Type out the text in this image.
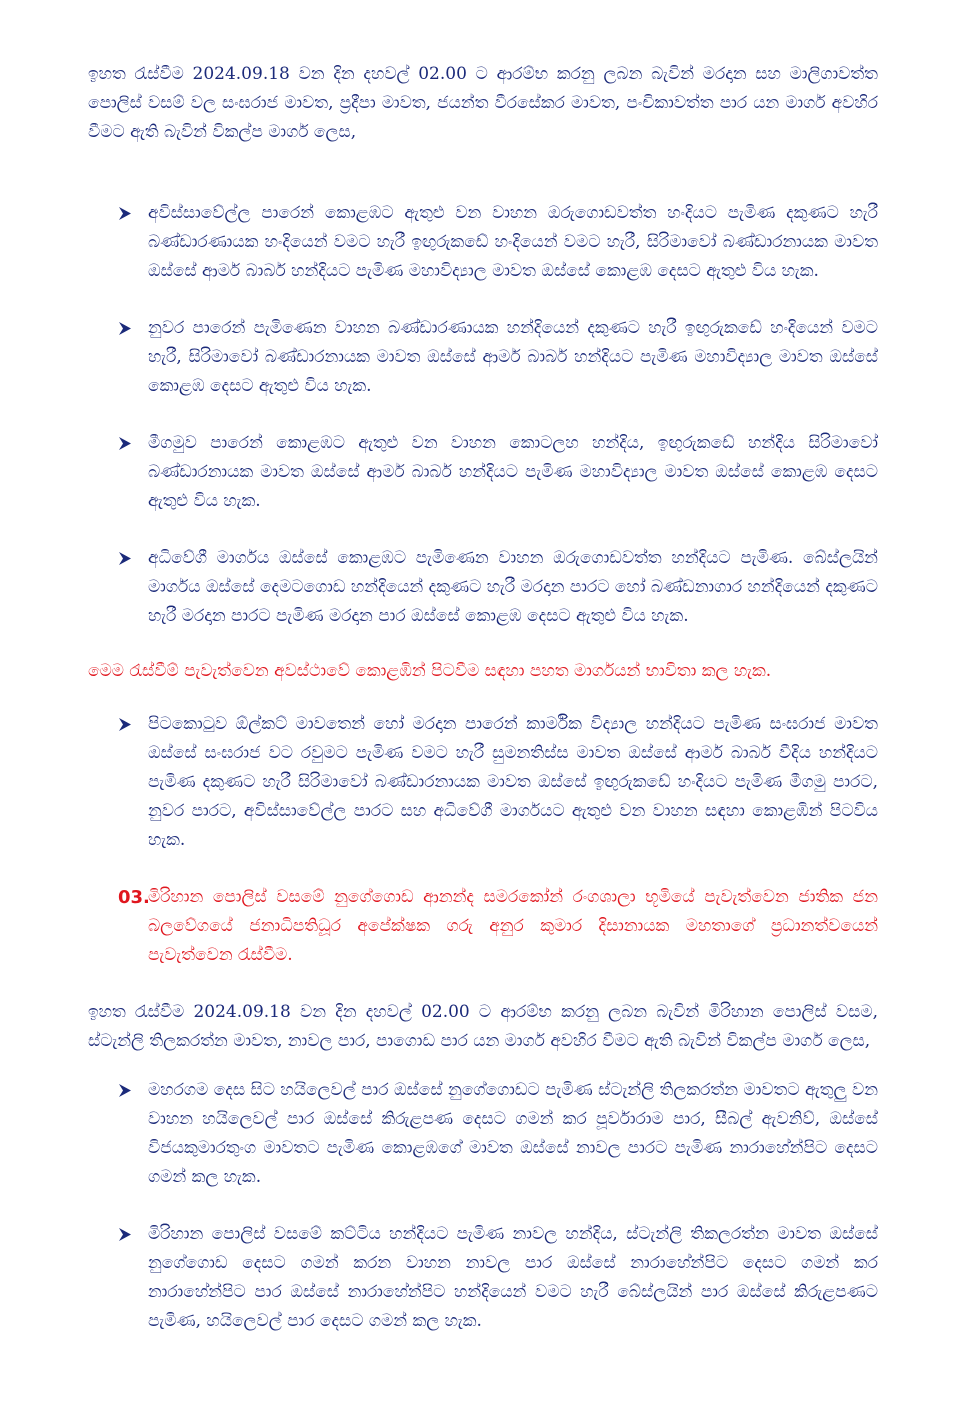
ඉහත රැස්වීම 2024.09.18 වන දින දහවල් 02.00 ට ආරම්භ කරනු ලබන බැවින් මරදාන සහ මාලිගාවත්ත පොලිස් වසම් වල සංඝරාජ මාවත, ප්‍රදීපා මාවත, ජයන්ත වීරසේකර මාවත, පංචිකාවත්ත පාර යන මාර්ග අවහිර වීමට ඇති බැවින් විකල්ප මාර්ග ලෙස,

අවිස්සාවේල්ල පාරෙන් කොළඹට ඇතුළු වන වාහන ඔරුගොඩවත්ත හංදියට පැමිණ දකුණට හැරී බණ්ඩාරණායක හංදියෙන් වමට හැරී ඉඟුරුකඩේ හංදියෙන් වමට හැරී, සිරිමාවෝ බණ්ඩාරනායක මාවත ඔස්සේ ආමර් බාබර් හන්දියට පැමිණ මහාවිද්‍යාල මාවත ඔස්සේ කොළඹ දෙසට ඇතුළු විය හැක.

නුවර පාරෙන් පැමිණෙන වාහන බණ්ඩාරණායක හන්දියෙන් දකුණට හැරී ඉඟුරුකඩේ හංදියෙන් වමට හැරී, සිරිමාවෝ බණ්ඩාරනායක මාවත ඔස්සේ ආමර් බාබර් හන්දියට පැමිණ මහාවිද්‍යාල මාවත ඔස්සේ කොළඹ දෙසට ඇතුළු විය හැක.

මීගමුව පාරෙන් කොළඹට ඇතුළු වන වාහන කොටලහ හන්දිය, ඉඟුරුකඩේ හන්දිය සිරිමාවෝ බණ්ඩාරනායක මාවත ඔස්සේ ආමර් බාබර් හන්දියට පැමිණ මහාවිද්‍යාල මාවත ඔස්සේ කොළඹ දෙසට ඇතුළු විය හැක.

අධිවේගී මාර්ගය ඔස්සේ කොළඹට පැමිණෙන වාහන ඔරුගොඩවත්ත හන්දියට පැමිණ. බේස්ලයින් මාර්ගය ඔස්සේ දෙමටගොඩ හන්දියෙන් දකුණට හැරී මරදාන පාරට හෝ බණ්ඩනාගාර හන්දියෙන් දකුණට හැරී මරදාන පාරට පැමිණ මරදාන පාර ඔස්සේ කොළඹ දෙසට ඇතුළු විය හැක.

මෙම රැස්වීම් පැවැත්වෙන අවස්ථාවේ කොළඹින් පිටවීම සඳහා පහත මාර්ගයන් භාවිතා කල හැක.

පිටකොටුව ඕල්කට් මාවතෙන් හෝ මරදාන පාරෙන් කාර්මික විද්‍යාල හන්දියට පැමිණ සංඝරාජ මාවත ඔස්සේ සංඝරාජ වට රවුමට පැමිණ වමට හැරී සුමනතිස්ස මාවත ඔස්සේ ආමර් බාබර් වීදිය හන්දියට පැමිණ දකුණට හැරී සිරිමාවෝ බණ්ඩාරනායක මාවත ඔස්සේ ඉඟුරුකඩේ හංදියට පැමිණ මීගමු පාරට, නුවර පාරට, අවිස්සාවේල්ල පාරට සහ අධිවේගී මාර්ගයට ඇතුළු වන වාහන සඳහා කොළඹින් පිටවිය හැක.

03.

මිරිහාන පොලිස් වසමේ නුගේගොඩ ආනන්ද සමරකෝන් රංගශාලා භූමියේ පැවැත්වෙන ජාතික ජන බලවේගයේ ජනාධිපතිධූර අපේක්ෂක ගරු අනුර කුමාර දිසානායක මහතාගේ ප්‍රධානත්වයෙන් පැවැත්වෙන රැස්වීම.

ඉහත රැස්වීම 2024.09.18 වන දින දහවල් 02.00 ට ආරම්භ කරනු ලබන බැවින් මිරිහාන පොලිස් වසම, ස්ටැන්ලි තිලකරත්න මාවත, නාවල පාර, පාගොඩ පාර යන මාර්ග අවහිර වීමට ඇති බැවින් විකල්ප මාර්ග ලෙස,

මහරගම දෙස සිට හයිලෙවල් පාර ඔස්සේ නුගේගොඩට පැමිණ ස්ටැන්ලි තිලකරත්න මාවතට ඇතුලු වන වාහන හයිලෙවල් පාර ඔස්සේ කිරුළපණ දෙසට ගමන් කර පූර්වාරාම පාර, සීබල් ඇවනිව්, ඔස්සේ විජයකුමාරතුංග මාවතට පැමිණ කොළඹගේ මාවත ඔස්සේ නාවල පාරට පැමිණ නාරාහේන්පිට දෙසට ගමන් කල හැක.

මිරිහාන පොලිස් වසමේ කට්ටිය හන්දියට පැමිණ නාවල හන්දිය, ස්ටැන්ලි තිකලරත්න මාවත ඔස්සේ නුගේගොඩ දෙසට ගමන් කරන වාහන නාවල පාර ඔස්සේ නාරාහේන්පිට දෙසට ගමන් කර නාරාහේන්පිට පාර ඔස්සේ නාරාහේන්පිට හන්දියෙන් වමට හැරී බේස්ලයින් පාර ඔස්සේ කිරුළපණට පැමිණ, හයිලෙවල් පාර දෙසට ගමන් කල හැක.
